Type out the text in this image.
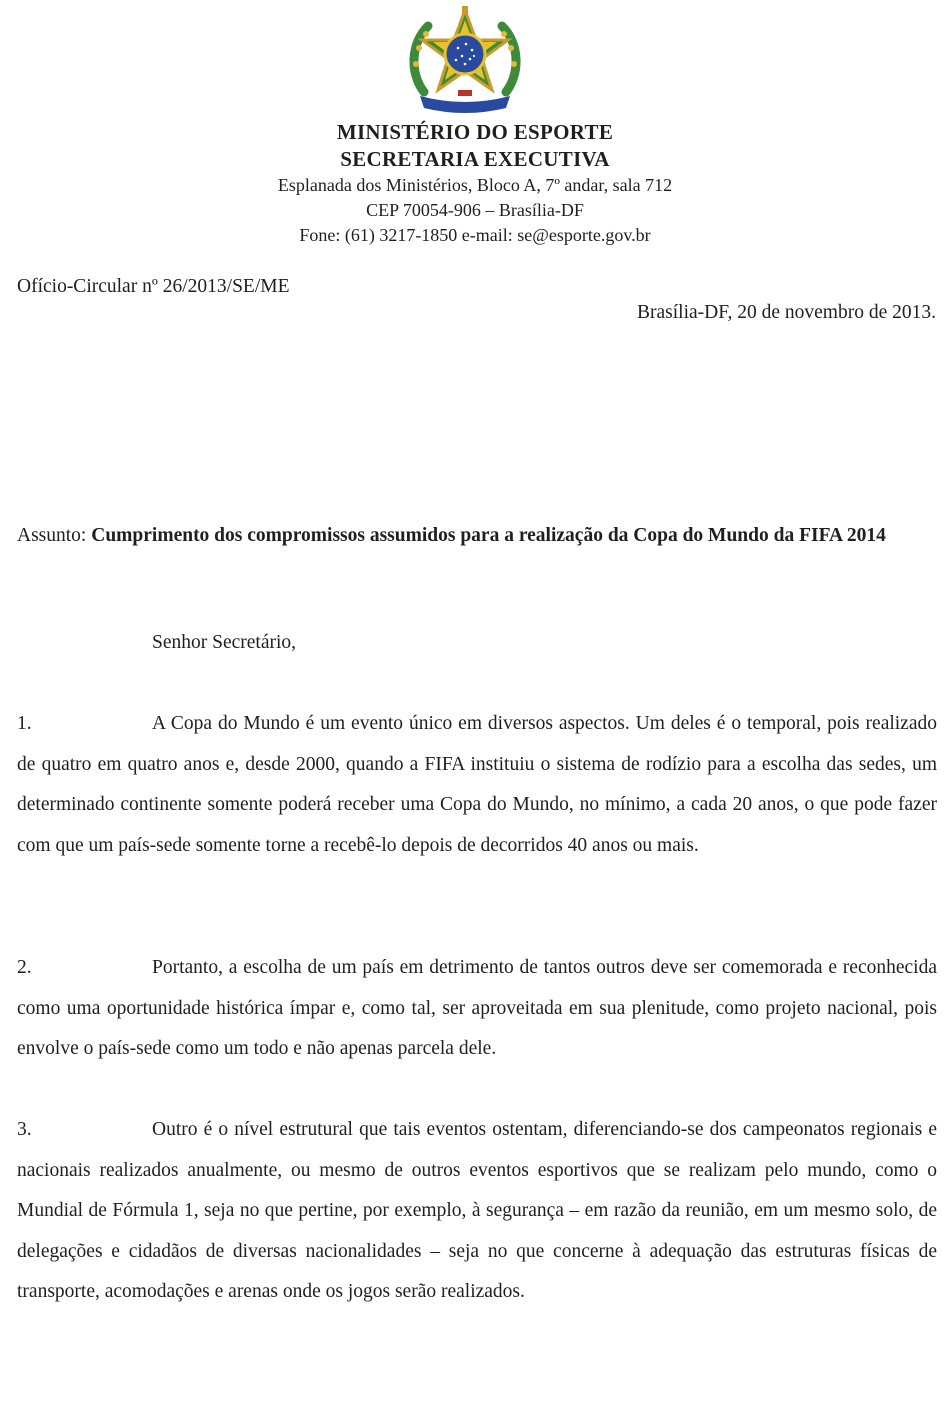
MINISTÉRIO DO ESPORTE
SECRETARIA EXECUTIVA
Esplanada dos Ministérios, Bloco A, 7º andar, sala 712
CEP 70054-906 – Brasília-DF
Fone: (61) 3217-1850 e-mail: se@esporte.gov.br
Ofício-Circular nº 26/2013/SE/ME
Brasília-DF, 20 de novembro de 2013.
Assunto: Cumprimento dos compromissos assumidos para a realização da Copa do Mundo da FIFA 2014
Senhor Secretário,

1.	A Copa do Mundo é um evento único em diversos aspectos. Um deles é o temporal, pois realizado de quatro em quatro anos e, desde 2000, quando a FIFA instituiu o sistema de rodízio para a escolha das sedes, um determinado continente somente poderá receber uma Copa do Mundo, no mínimo, a cada 20 anos, o que pode fazer com que um país-sede somente torne a recebê-lo depois de decorridos 40 anos ou mais.

2.	Portanto, a escolha de um país em detrimento de tantos outros deve ser comemorada e reconhecida como uma oportunidade histórica ímpar e, como tal, ser aproveitada em sua plenitude, como projeto nacional, pois envolve o país-sede como um todo e não apenas parcela dele.

3.	Outro é o nível estrutural que tais eventos ostentam, diferenciando-se dos campeonatos regionais e nacionais realizados anualmente, ou mesmo de outros eventos esportivos que se realizam pelo mundo, como o Mundial de Fórmula 1, seja no que pertine, por exemplo, à segurança – em razão da reunião, em um mesmo solo, de delegações e cidadãos de diversas nacionalidades – seja no que concerne à adequação das estruturas físicas de transporte, acomodações e arenas onde os jogos serão realizados.
